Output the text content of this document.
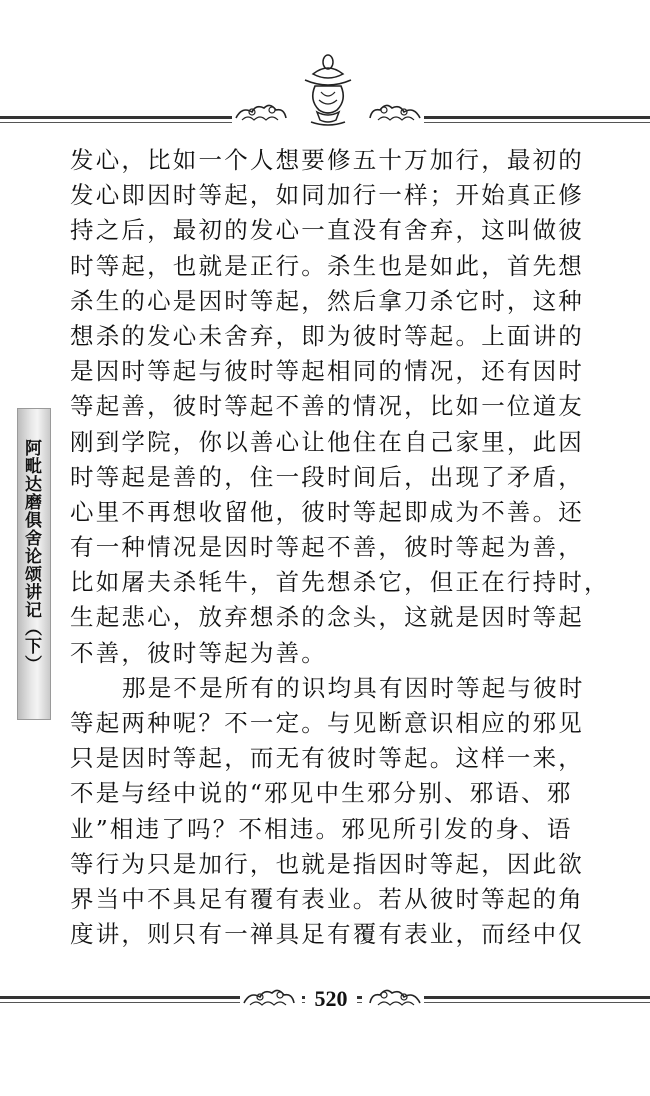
阿毗达磨俱舍论颂讲记（下）
发心，比如一个人想要修五十万加行，最初的
发心即因时等起，如同加行一样；开始真正修
持之后，最初的发心一直没有舍弃，这叫做彼
时等起，也就是正行。杀生也是如此，首先想
杀生的心是因时等起，然后拿刀杀它时，这种
想杀的发心未舍弃，即为彼时等起。上面讲的
是因时等起与彼时等起相同的情况，还有因时
等起善，彼时等起不善的情况，比如一位道友
刚到学院，你以善心让他住在自己家里，此因
时等起是善的，住一段时间后，出现了矛盾，
心里不再想收留他，彼时等起即成为不善。还
有一种情况是因时等起不善，彼时等起为善，
比如屠夫杀牦牛，首先想杀它，但正在行持时，
生起悲心，放弃想杀的念头，这就是因时等起
不善，彼时等起为善。
那是不是所有的识均具有因时等起与彼时
等起两种呢？不一定。与见断意识相应的邪见
只是因时等起，而无有彼时等起。这样一来，
不是与经中说的“邪见中生邪分别、邪语、邪
业”相违了吗？不相违。邪见所引发的身、语
等行为只是加行，也就是指因时等起，因此欲
界当中不具足有覆有表业。若从彼时等起的角
度讲，则只有一禅具足有覆有表业，而经中仅
520
